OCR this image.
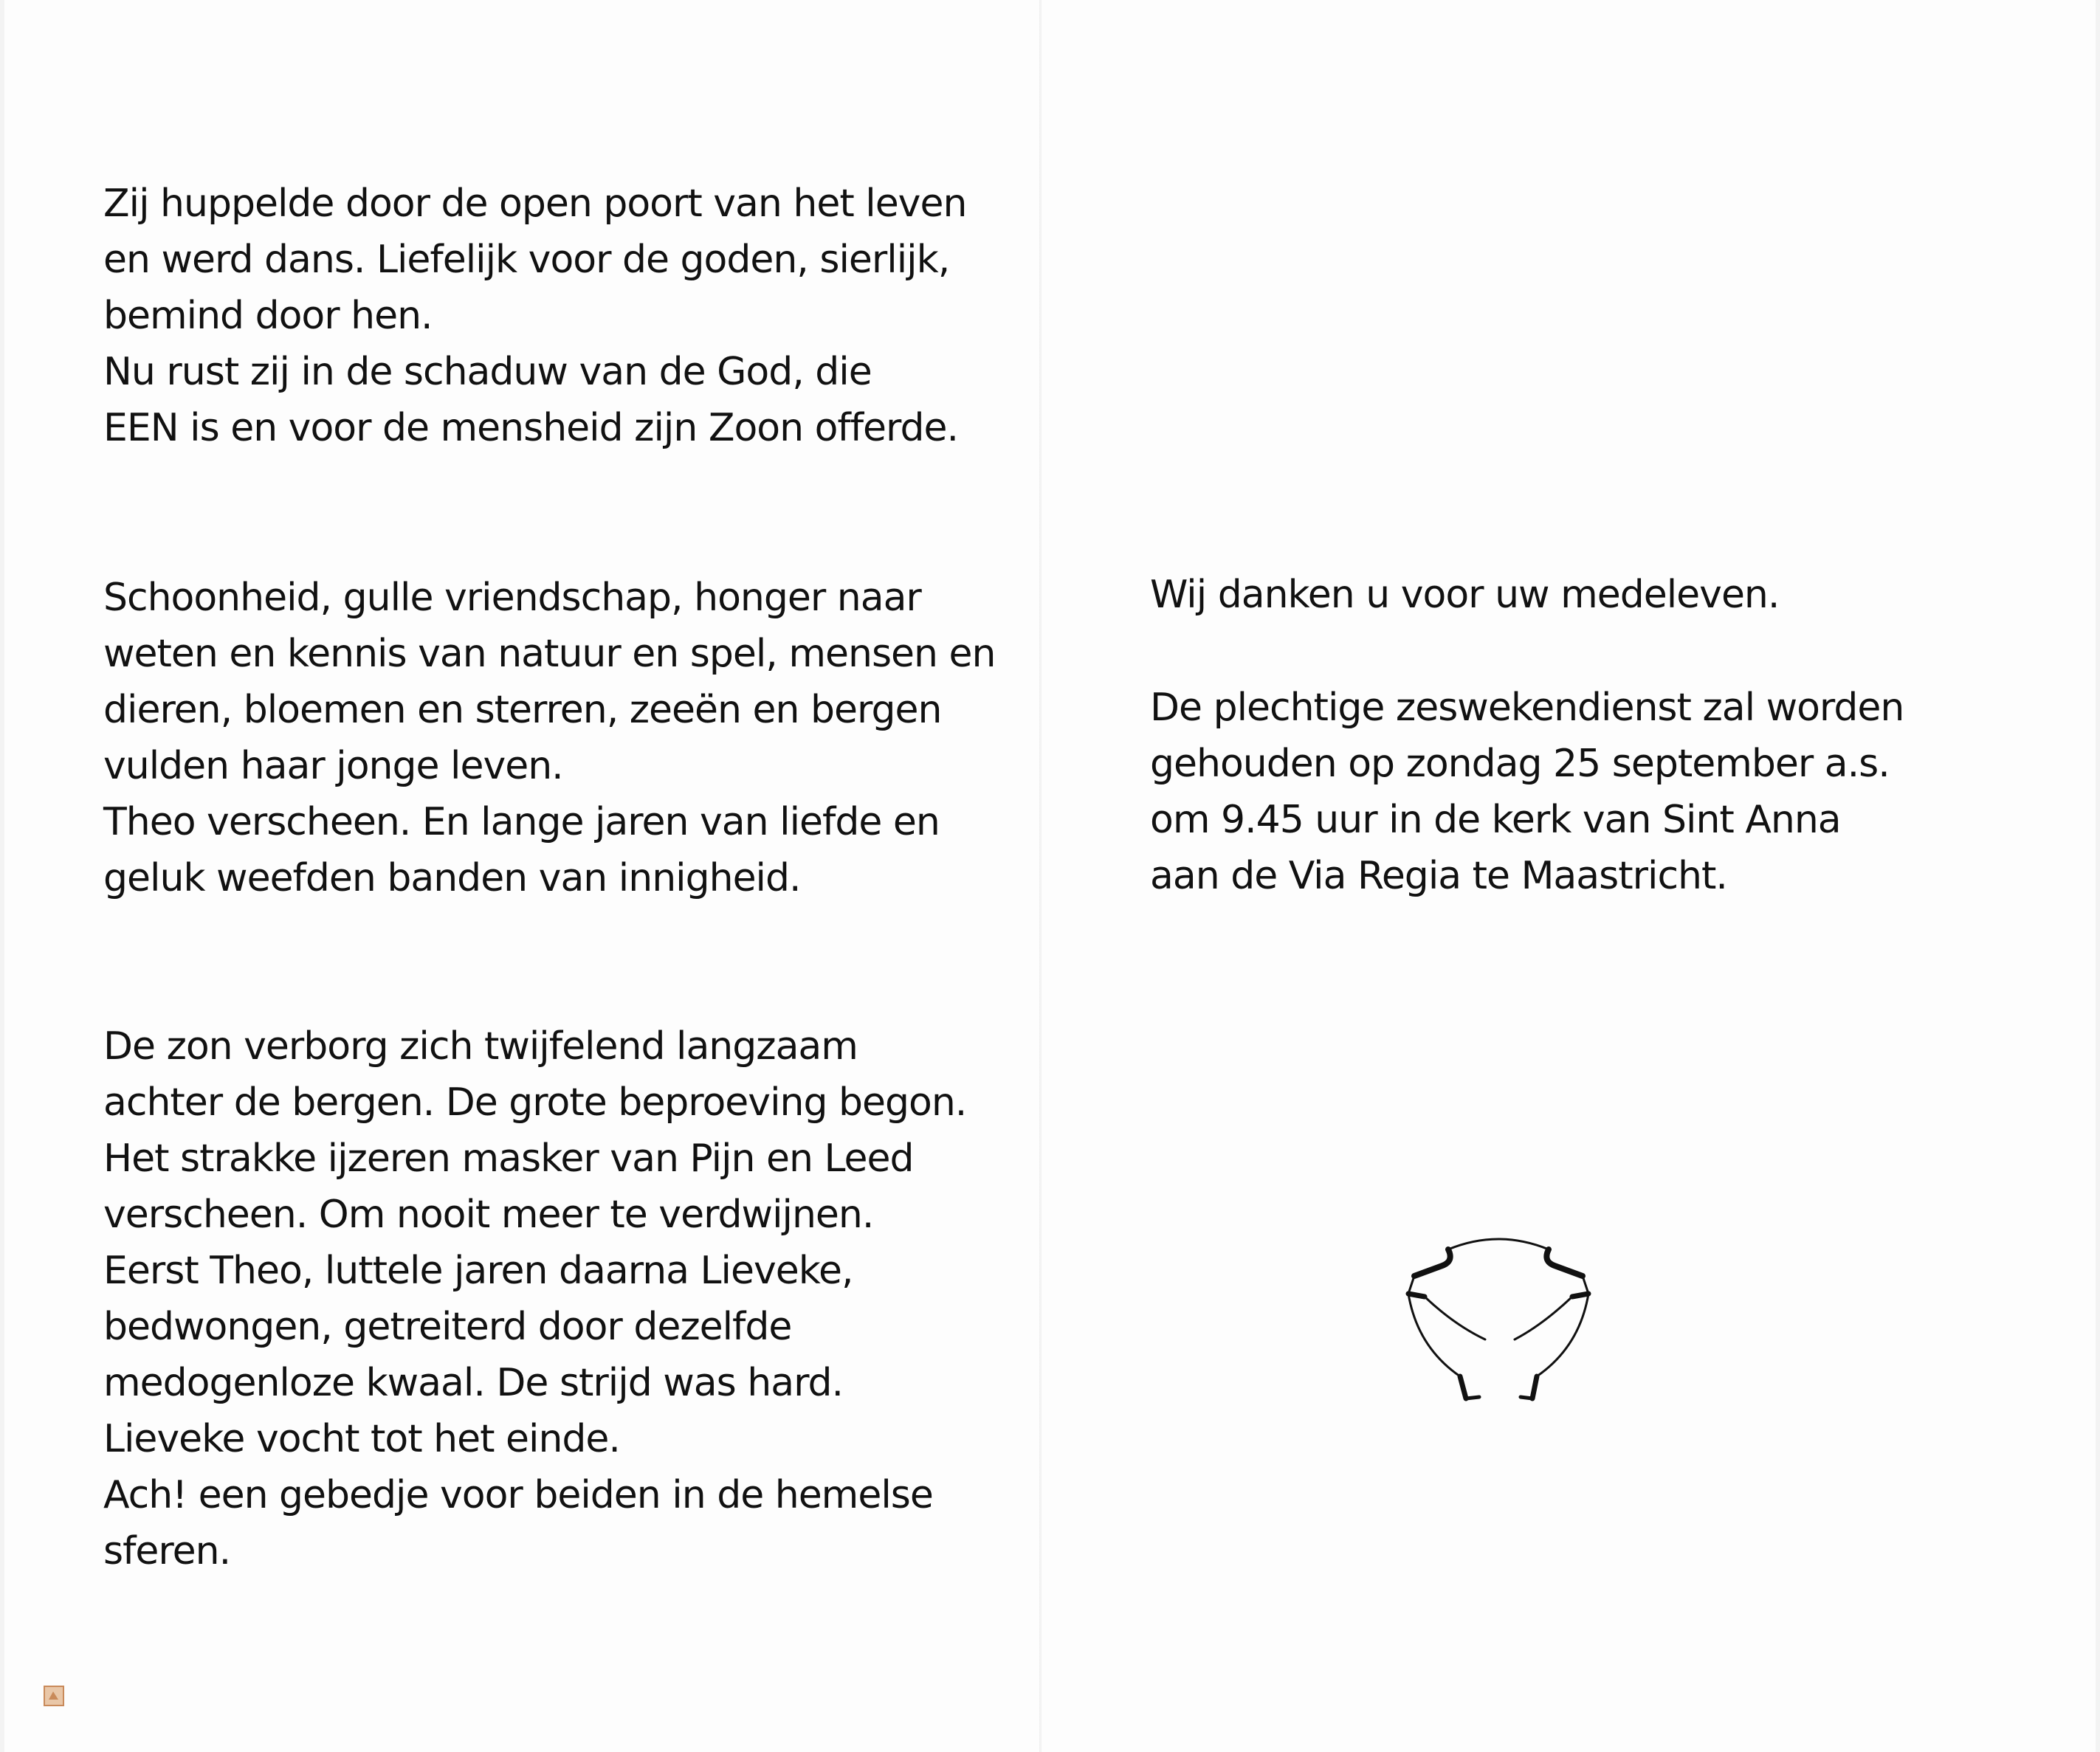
Zij huppelde door de open poort van het leven
en werd dans. Liefelijk voor de goden, sierlijk,
bemind door hen.
Nu rust zij in de schaduw van de God, die
EEN is en voor de mensheid zijn Zoon offerde.
Schoonheid, gulle vriendschap, honger naar
weten en kennis van natuur en spel, mensen en
dieren, bloemen en sterren, zeeën en bergen
vulden haar jonge leven.
Theo verscheen. En lange jaren van liefde en
geluk weefden banden van innigheid.
De zon verborg zich twijfelend langzaam
achter de bergen. De grote beproeving begon.
Het strakke ijzeren masker van Pijn en Leed
verscheen. Om nooit meer te verdwijnen.
Eerst Theo, luttele jaren daarna Lieveke,
bedwongen, getreiterd door dezelfde
medogenloze kwaal. De strijd was hard.
Lieveke vocht tot het einde.
Ach! een gebedje voor beiden in de hemelse
sferen.
Wij danken u voor uw medeleven.
De plechtige zeswekendienst zal worden
gehouden op zondag 25 september a.s.
om 9.45 uur in de kerk van Sint Anna
aan de Via Regia te Maastricht.
